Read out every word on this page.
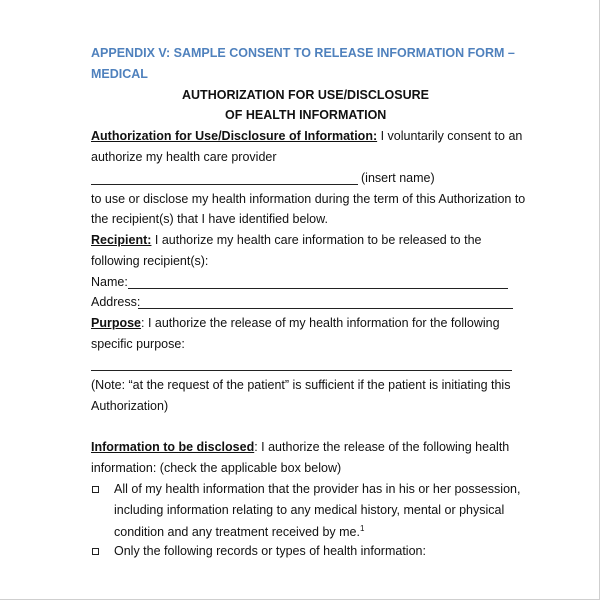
APPENDIX V: SAMPLE CONSENT TO RELEASE INFORMATION FORM –
MEDICAL
AUTHORIZATION FOR USE/DISCLOSURE
OF HEALTH INFORMATION
Authorization for Use/Disclosure of Information: I voluntarily consent to an
authorize my health care provider
(insert name)
to use or disclose my health information during the term of this Authorization to
the recipient(s) that I have identified below.
Recipient: I authorize my health care information to be released to the
following recipient(s):
Name:
Address:
Purpose: I authorize the release of my health information for the following
specific purpose:
(Note: “at the request of the patient” is sufficient if the patient is initiating this
Authorization)
Information to be disclosed: I authorize the release of the following health
information: (check the applicable box below)
All of my health information that the provider has in his or her possession,
including information relating to any medical history, mental or physical
condition and any treatment received by me.$^1$
Only the following records or types of health information:
